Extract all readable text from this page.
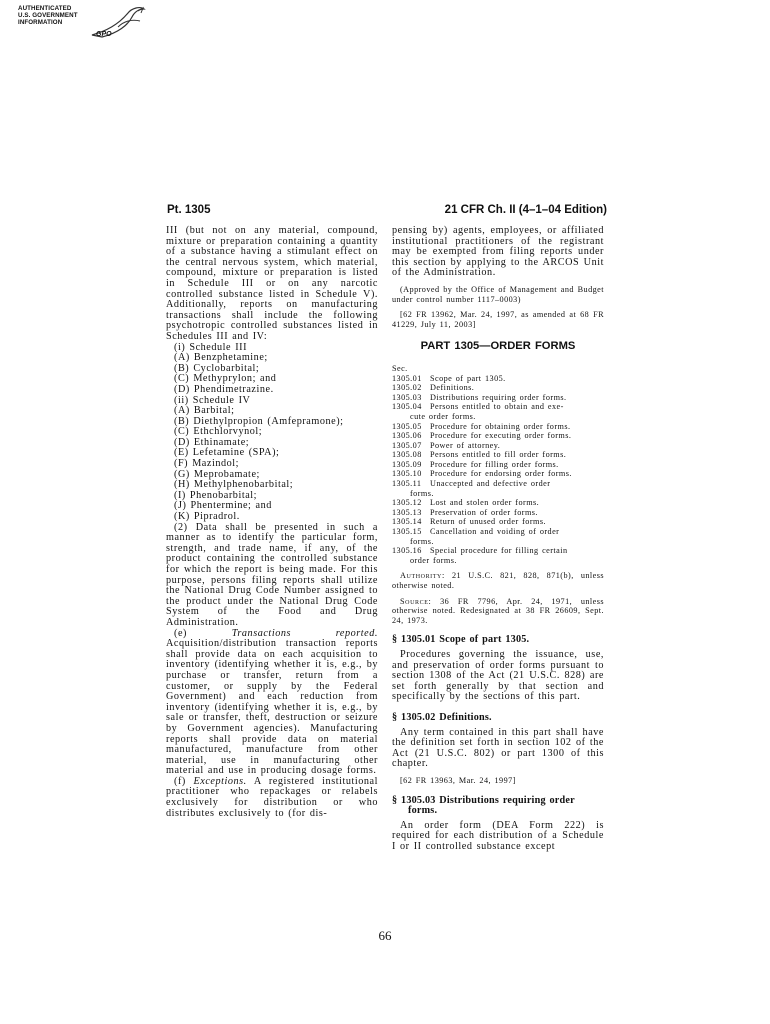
AUTHENTICATED
U.S. GOVERNMENT
INFORMATION
GPO
Pt. 1305	21 CFR Ch. II (4–1–04 Edition)

III (but not on any material, compound, mixture or preparation containing a quantity of a substance having a stimulant effect on the central nervous system, which material, compound, mixture or preparation is listed in Schedule III or on any narcotic controlled substance listed in Schedule V). Additionally, reports on manufacturing transactions shall include the following psychotropic controlled substances listed in Schedules III and IV:

(i) Schedule III
(A) Benzphetamine;
(B) Cyclobarbital;
(C) Methyprylon; and
(D) Phendimetrazine.
(ii) Schedule IV
(A) Barbital;
(B) Diethylpropion (Amfepramone);
(C) Ethchlorvynol;
(D) Ethinamate;
(E) Lefetamine (SPA);
(F) Mazindol;
(G) Meprobamate;
(H) Methylphenobarbital;
(I) Phenobarbital;
(J) Phentermine; and
(K) Pipradrol.

(2) Data shall be presented in such a manner as to identify the particular form, strength, and trade name, if any, of the product containing the controlled substance for which the report is being made. For this purpose, persons filing reports shall utilize the National Drug Code Number assigned to the product under the National Drug Code System of the Food and Drug Administration.

(e)	Transactions reported. Acquisition/distribution transaction reports shall provide data on each acquisition to inventory (identifying whether it is, e.g., by purchase or transfer, return from a customer, or supply by the Federal Government) and each reduction from inventory (identifying whether it is, e.g., by sale or transfer, theft, destruction or seizure by Government agencies). Manufacturing reports shall provide data on material manufactured, manufacture from other material, use in manufacturing other material and use in producing dosage forms.

(f) Exceptions. A registered institutional practitioner who repackages or relabels exclusively for distribution or who distributes exclusively to (for dis-

pensing by) agents, employees, or affiliated institutional practitioners of the registrant may be exempted from filing reports under this section by applying to the ARCOS Unit of the Administration.

(Approved by the Office of Management and Budget under control number 1117–0003)

[62 FR 13962, Mar. 24, 1997, as amended at 68 FR 41229, July 11, 2003]

PART 1305—ORDER FORMS
Sec.
1305.01	Scope of part 1305.
1305.02	Definitions.
1305.03	Distributions requiring order forms.
1305.04	Persons entitled to obtain and exe-
cute order forms.
1305.05	Procedure for obtaining order forms.
1305.06	Procedure for executing order forms.
1305.07	Power of attorney.
1305.08	Persons entitled to fill order forms.
1305.09	Procedure for filling order forms.
1305.10	Procedure for endorsing order forms.
1305.11	Unaccepted and defective order
forms.
1305.12	Lost and stolen order forms.
1305.13	Preservation of order forms.
1305.14	Return of unused order forms.
1305.15	Cancellation and voiding of order
forms.
1305.16	Special procedure for filling certain
order forms.

Authority: 21 U.S.C. 821, 828, 871(b), unless otherwise noted.

Source: 36 FR 7796, Apr. 24, 1971, unless otherwise noted. Redesignated at 38 FR 26609, Sept. 24, 1973.

§ 1305.01 Scope of part 1305.

Procedures governing the issuance, use, and preservation of order forms pursuant to section 1308 of the Act (21 U.S.C. 828) are set forth generally by that section and specifically by the sections of this part.

§ 1305.02 Definitions.

Any term contained in this part shall have the definition set forth in section 102 of the Act (21 U.S.C. 802) or part 1300 of this chapter.

[62 FR 13963, Mar. 24, 1997]

§ 1305.03 Distributions requiring order

forms.

An order form (DEA Form 222) is required for each distribution of a Schedule I or II controlled substance except

66
